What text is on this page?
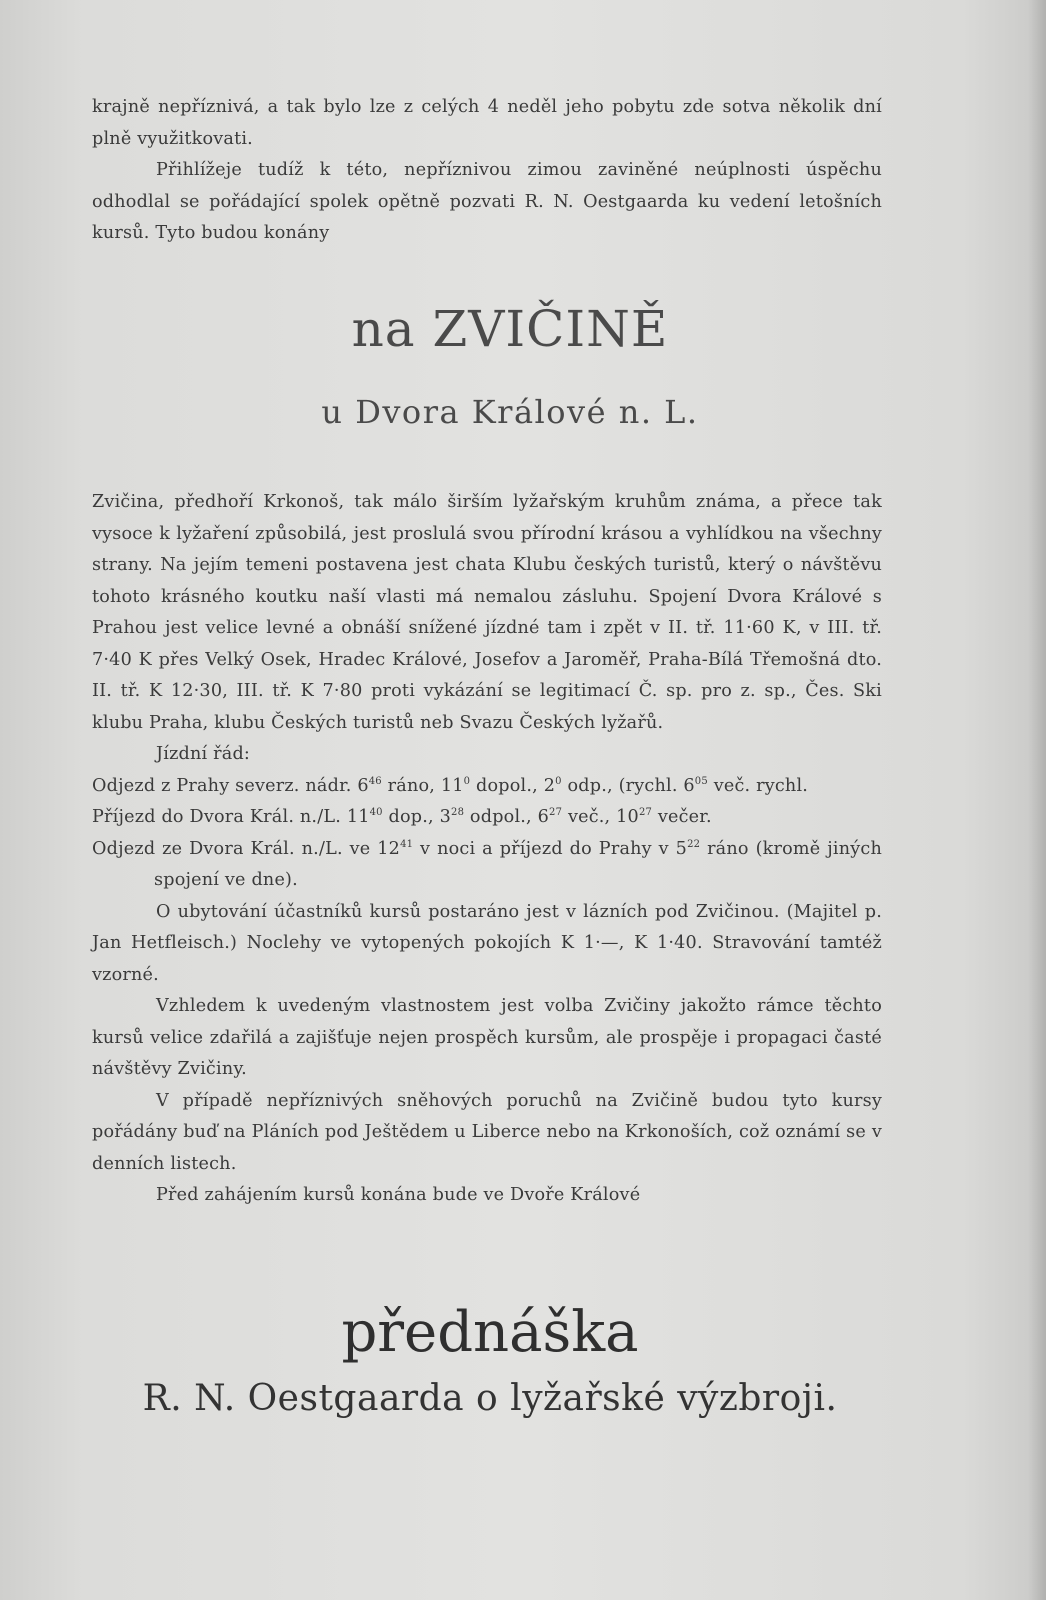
krajně nepříznivá, a tak bylo lze z celých 4 neděl jeho pobytu zde sotva několik dní plně využitkovati.

Přihlížeje tudíž k této, nepříznivou zimou zaviněné neúplnosti úspěchu odhodlal se pořádající spolek opětně pozvati R. N. Oestgaarda ku vedení letošních kursů. Tyto budou konány

na ZVIČINĚ
u Dvora Králové n. L.

Zvičina, předhoří Krkonoš, tak málo širším lyžařským kruhům známa, a přece tak vysoce k lyžaření způsobilá, jest proslulá svou přírodní krásou a vyhlídkou na všechny strany. Na jejím temeni postavena jest chata Klubu českých turistů, který o návštěvu tohoto krásného koutku naší vlasti má nemalou zásluhu. Spojení Dvora Králové s Prahou jest velice levné a obnáší snížené jízdné tam i zpět v II. tř. 11·60 K, v III. tř. 7·40 K přes Velký Osek, Hradec Králové, Josefov a Jaroměř, Praha-Bílá Třemošná dto. II. tř. K 12·30, III. tř. K 7·80 proti vykázání se legitimací Č. sp. pro z. sp., Čes. Ski klubu Praha, klubu Českých turistů neb Svazu Českých lyžařů.

Jízdní řád:

Odjezd z Prahy severz. nádr. $6^{46}$ ráno, $11^0$ dopol., $2^0$ odp., (rychl. $6^{05}$ več. rychl.

Příjezd do Dvora Král. n./L. $11^{40}$ dop., $3^{28}$ odpol., $6^{27}$ več., $10^{27}$ večer.

Odjezd ze Dvora Král. n./L. ve $12^{41}$ v noci a příjezd do Prahy v $5^{22}$ ráno (kromě jiných spojení ve dne).

O ubytování účastníků kursů postaráno jest v lázních pod Zvičinou. (Majitel p. Jan Hetfleisch.) Noclehy ve vytopených pokojích K 1·—, K 1·40. Stravování tamtéž vzorné.

Vzhledem k uvedeným vlastnostem jest volba Zvičiny jakožto rámce těchto kursů velice zdařilá a zajišťuje nejen prospěch kursům, ale prospěje i propagaci časté návštěvy Zvičiny.

V případě nepříznivých sněhových poruchů na Zvičině budou tyto kursy pořádány buď na Pláních pod Ještědem u Liberce nebo na Krkonoších, což oznámí se v denních listech.

Před zahájením kursů konána bude ve Dvoře Králové

přednáška
R. N. Oestgaarda o lyžařské výzbroji.
